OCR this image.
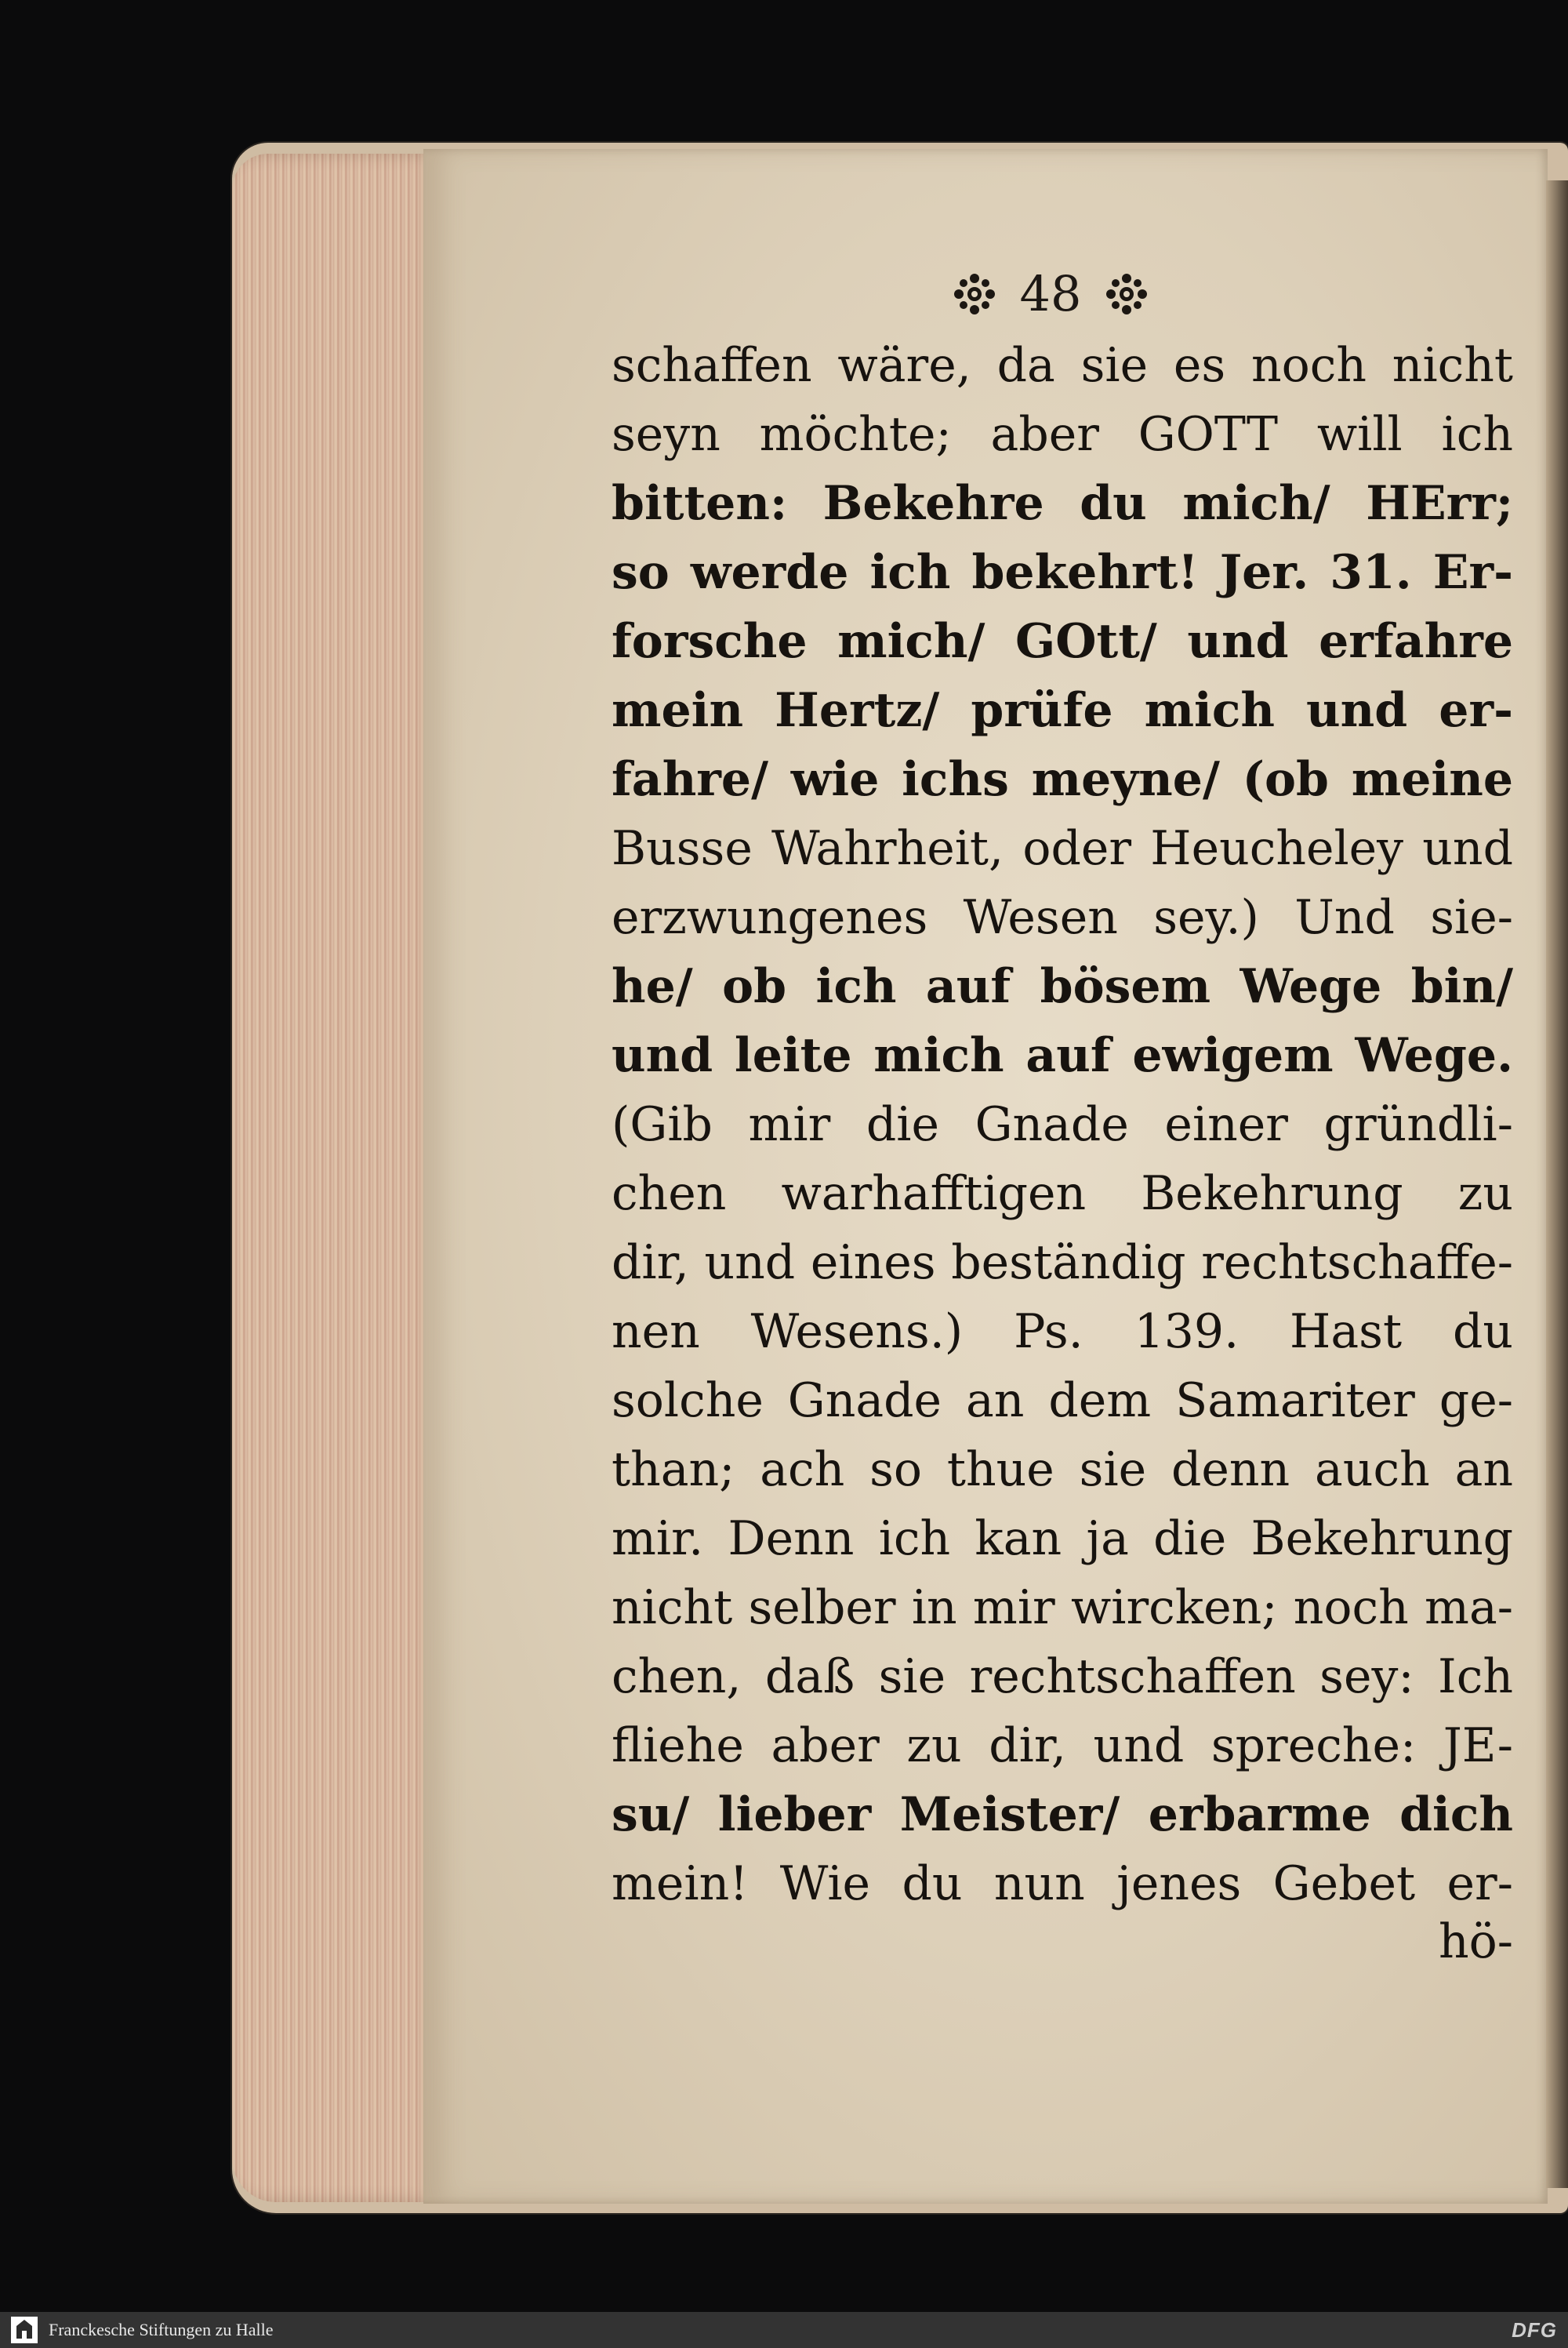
48
schaffen wäre, da sie es noch nicht
seyn möchte; aber GOTT will ich
bitten: Bekehre du mich/ HErr;
so werde ich bekehrt! Jer. 31. Er-
forsche mich/ GOtt/ und erfahre
mein Hertz/ prüfe mich und er-
fahre/ wie ichs meyne/ (ob meine
Busse Wahrheit, oder Heucheley und
erzwungenes Wesen sey.) Und sie-
he/ ob ich auf bösem Wege bin/
und leite mich auf ewigem Wege.
(Gib mir die Gnade einer gründli-
chen warhafftigen Bekehrung zu
dir, und eines beständig rechtschaffe-
nen Wesens.) Ps. 139. Hast du
solche Gnade an dem Samariter ge-
than; ach so thue sie denn auch an
mir. Denn ich kan ja die Bekehrung
nicht selber in mir wircken; noch ma-
chen, daß sie rechtschaffen sey: Ich
fliehe aber zu dir, und spreche: JE-
su/ lieber Meister/ erbarme dich
mein! Wie du nun jenes Gebet er-
hö-
Franckesche Stiftungen zu Halle	DFG
